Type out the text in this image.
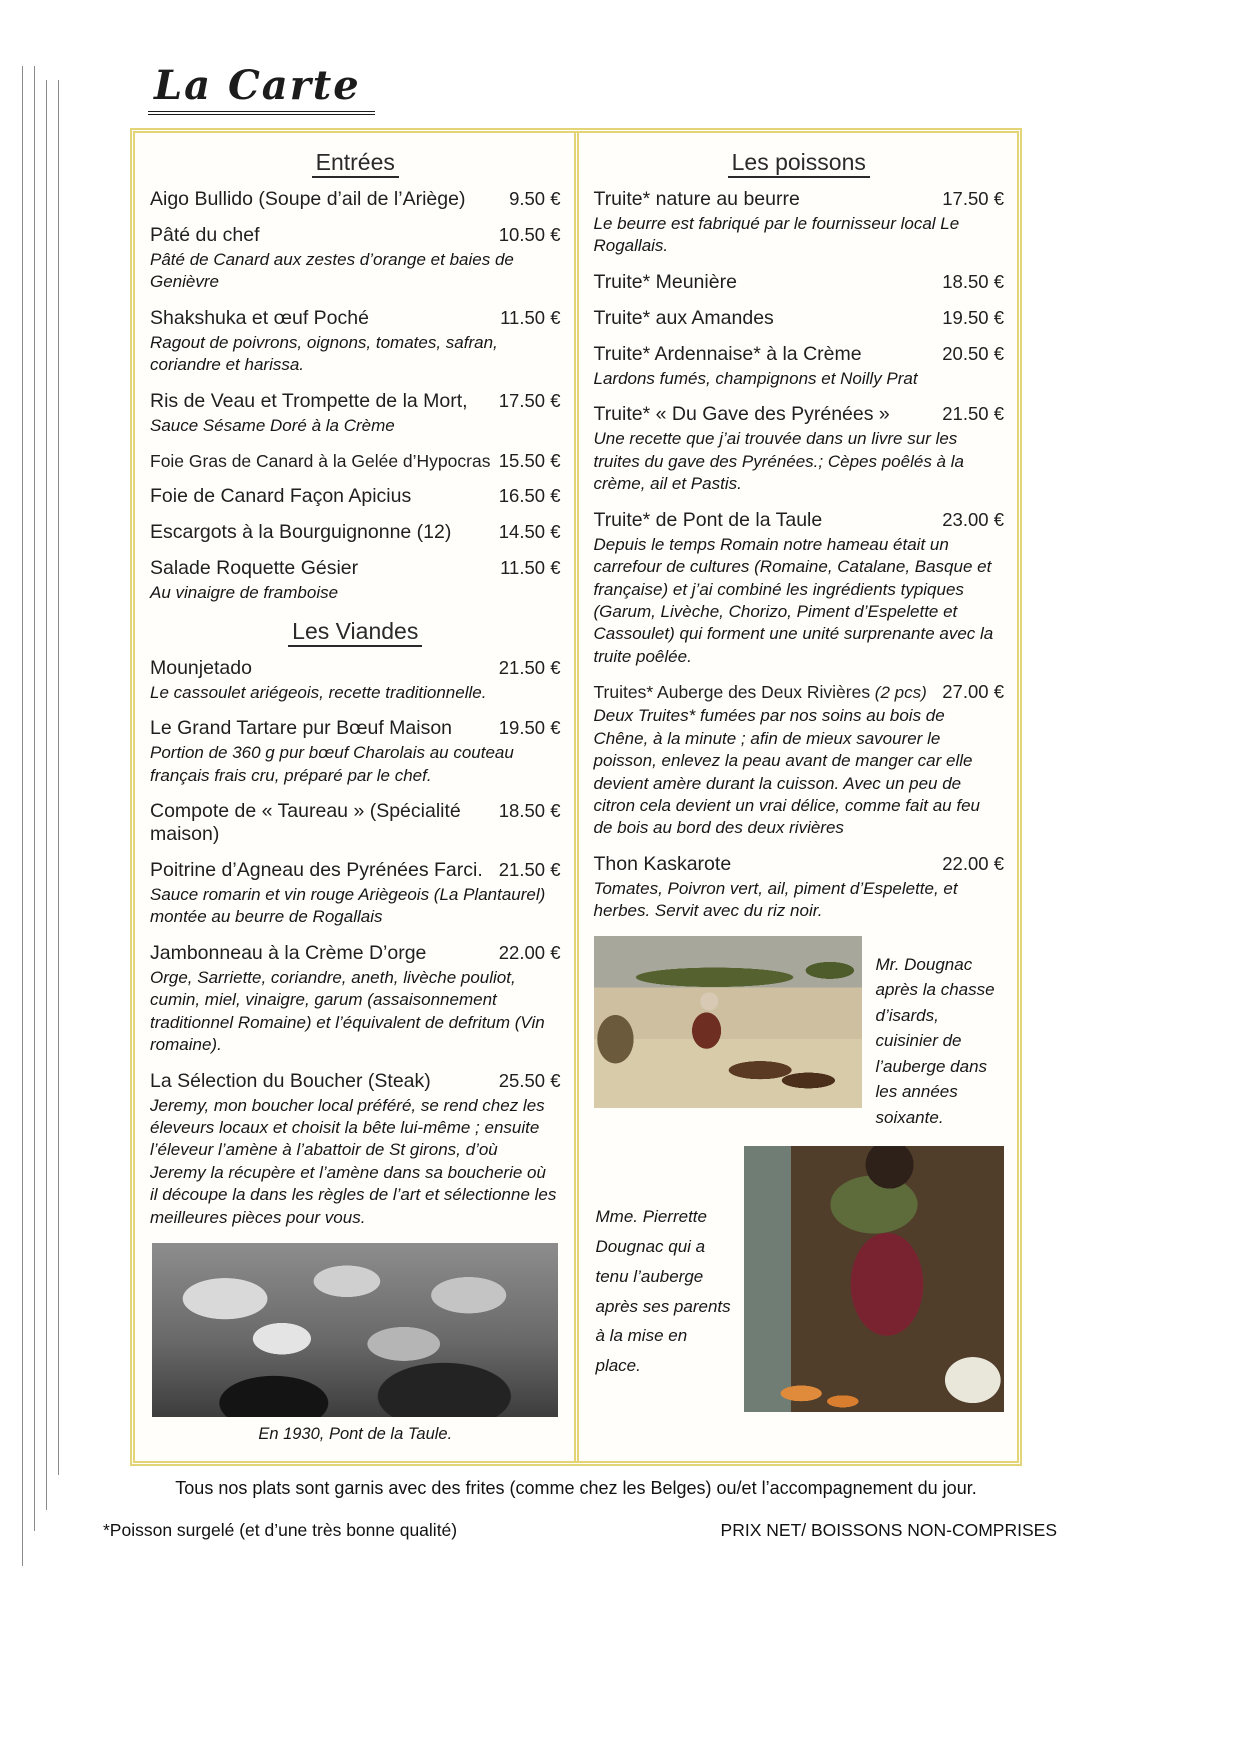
La Carte
Entrées
Aigo Bullido (Soupe d’ail de l’Ariège)	9.50 €
Pâté du chef	10.50 €
Pâté de Canard aux zestes d’orange et baies de Genièvre
Shakshuka et œuf Poché	11.50 €
Ragout de poivrons, oignons, tomates, safran, coriandre et harissa.
Ris de Veau et Trompette de la Mort,	17.50 €
Sauce Sésame Doré à la Crème
Foie Gras de Canard à la Gelée d’Hypocras 15.50 €
Foie de Canard Façon Apicius	16.50 €
Escargots à la Bourguignonne (12)	14.50 €
Salade Roquette Gésier	11.50 €
Au vinaigre de framboise
Les Viandes
Mounjetado	21.50 €
Le cassoulet ariégeois, recette traditionnelle.
Le Grand Tartare pur Bœuf Maison	19.50 €
Portion de 360 g pur bœuf Charolais au couteau français frais cru, préparé par le chef.
Compote de « Taureau » (Spécialité maison)
18.50 €
Poitrine d’Agneau des Pyrénées Farci. 21.50 €
Sauce romarin et vin rouge Ariègeois (La Plantaurel) montée au beurre de Rogallais
Jambonneau à la Crème D’orge	22.00 €
Orge, Sarriette, coriandre, aneth, livèche pouliot, cumin, miel, vinaigre, garum (assaisonnement traditionnel Romaine) et l’équivalent de defritum (Vin romaine).
La Sélection du Boucher (Steak)	25.50 €
Jeremy, mon boucher local préféré, se rend chez les éleveurs locaux et choisit la bête lui-même ; ensuite l’éleveur l’amène à l’abattoir de St girons, d’où Jeremy la récupère et l’amène dans sa boucherie où il découpe la dans les règles de l’art et sélectionne les meilleures pièces pour vous.
En 1930, Pont de la Taule.
Les poissons
Truite* nature au beurre	17.50 €
Le beurre est fabriqué par le fournisseur local Le Rogallais.
Truite* Meunière	18.50 €
Truite* aux Amandes	19.50 €
Truite* Ardennaise* à la Crème	20.50 €
Lardons fumés, champignons et Noilly Prat
Truite* « Du Gave des Pyrénées »	21.50 €
Une recette que j’ai trouvée dans un livre sur les truites du gave des Pyrénées.; Cèpes poêlés à la crème, ail et Pastis.
Truite* de Pont de la Taule	23.00 €
Depuis le temps Romain notre hameau était un carrefour de cultures (Romaine, Catalane, Basque et française) et j’ai combiné les ingrédients typiques (Garum, Livèche, Chorizo, Piment d’Espelette et Cassoulet) qui forment une unité surprenante avec la truite poêlée.
Truites* Auberge des Deux Rivières (2 pcs) 27.00 €
Deux Truites* fumées par nos soins au bois de Chêne, à la minute ; afin de mieux savourer le poisson, enlevez la peau avant de manger car elle devient amère durant la cuisson. Avec un peu de citron cela devient un vrai délice, comme fait au feu de bois au bord des deux rivières
Thon Kaskarote	22.00 €
Tomates, Poivron vert, ail, piment d’Espelette, et herbes. Servit avec du riz noir.
Mr. Dougnac après la chasse d’isards, cuisinier de l’auberge dans les années soixante.
Mme. Pierrette Dougnac qui a tenu l’auberge après ses parents à la mise en place.
Tous nos plats sont garnis avec des frites (comme chez les Belges) ou/et l’accompagnement du jour.
*Poisson surgelé (et d’une très bonne qualité)	PRIX NET/ BOISSONS NON-COMPRISES
